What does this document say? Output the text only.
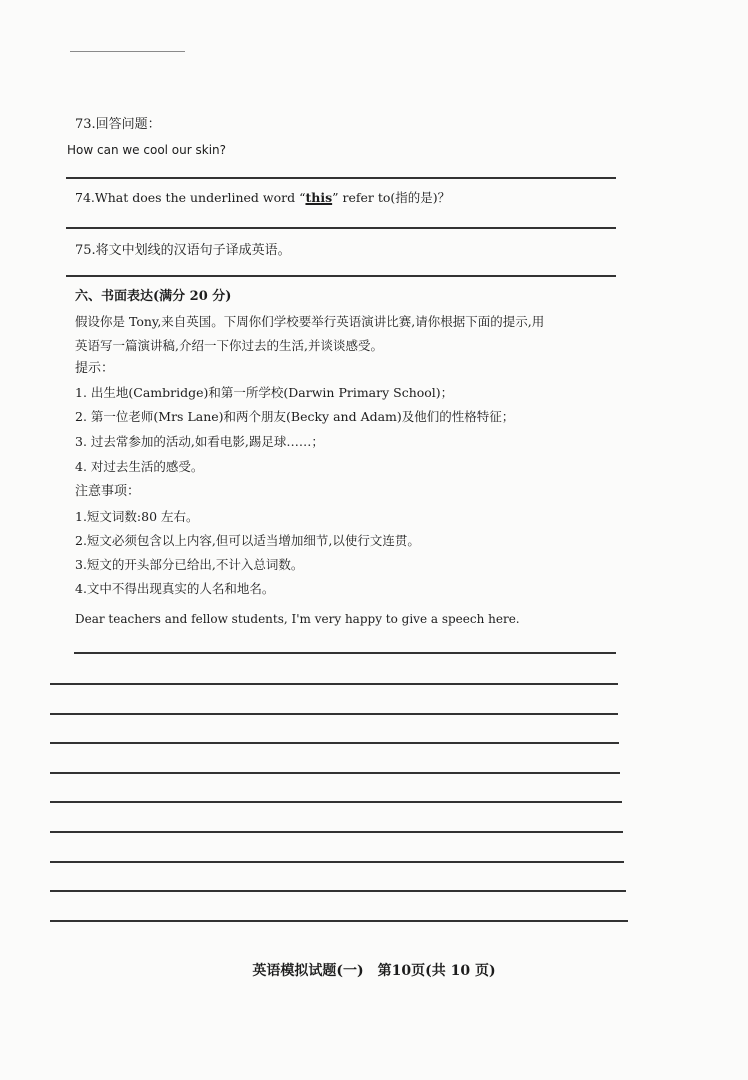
73.回答问题：
How can we cool our skin?
74.What does the underlined word “this” refer to(指的是)？
75.将文中划线的汉语句子译成英语。
六、书面表达(满分 20 分)
假设你是 Tony,来自英国。下周你们学校要举行英语演讲比赛,请你根据下面的提示,用
英语写一篇演讲稿,介绍一下你过去的生活,并谈谈感受。
提示：
1. 出生地(Cambridge)和第一所学校(Darwin Primary School)；
2. 第一位老师(Mrs Lane)和两个朋友(Becky and Adam)及他们的性格特征；
3. 过去常参加的活动,如看电影,踢足球……；
4. 对过去生活的感受。
注意事项：
1.短文词数:80 左右。
2.短文必须包含以上内容,但可以适当增加细节,以使行文连贯。
3.短文的开头部分已给出,不计入总词数。
4.文中不得出现真实的人名和地名。
Dear teachers and fellow students, I'm very happy to give a speech here.
英语模拟试题(一)　第10页(共 10 页)
